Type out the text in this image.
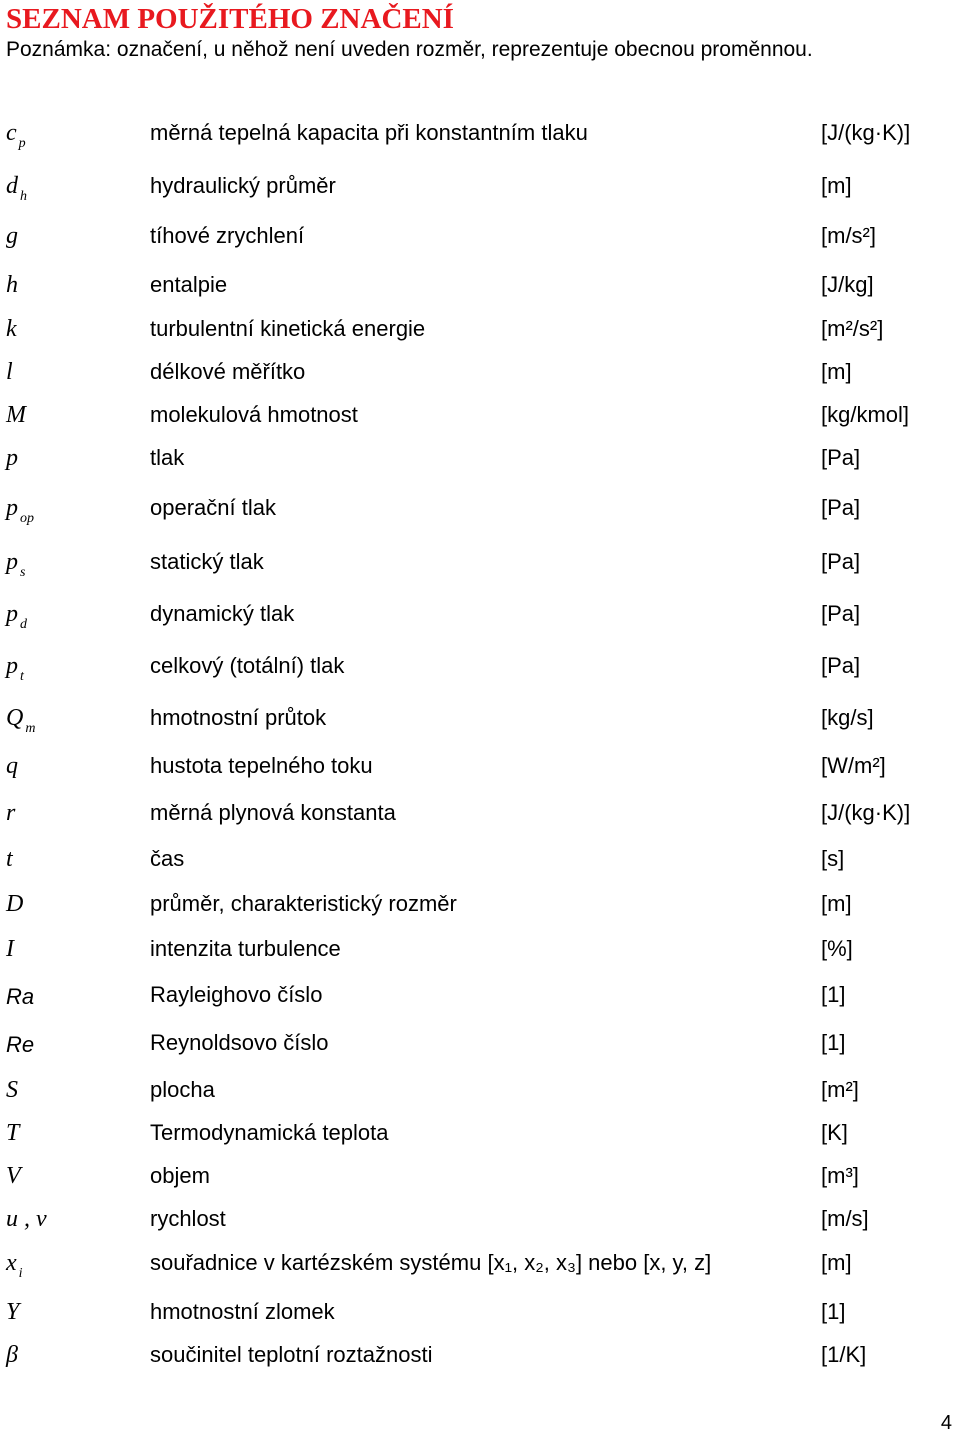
SEZNAM POUŽITÉHO ZNAČENÍ
Poznámka: označení, u něhož není uveden rozměr, reprezentuje obecnou proměnnou.
c $_p$	měrná tepelná kapacita při konstantním tlaku	[J/(kg·K)]
d $_h$	hydraulický průměr	[m]
g	tíhové zrychlení	[m/s²]
h	entalpie	[J/kg]
k	turbulentní kinetická energie	[m²/s²]
l	délkové měřítko	[m]
M	molekulová hmotnost	[kg/kmol]
p	tlak	[Pa]
p $_{op}$	operační tlak	[Pa]
p $_s$	statický tlak	[Pa]
p $_d$	dynamický tlak	[Pa]
p $_t$	celkový (totální) tlak	[Pa]
Q $_m$	hmotnostní průtok	[kg/s]
q	hustota tepelného toku	[W/m²]
r	měrná plynová konstanta	[J/(kg·K)]
t	čas	[s]
D	průměr, charakteristický rozměr	[m]
I	intenzita turbulence	[%]
Ra	Rayleighovo číslo	[1]
Re	Reynoldsovo číslo	[1]
S	plocha	[m²]
T	Termodynamická teplota	[K]
V	objem	[m³]
u , v	rychlost	[m/s]
x $_i$	souřadnice v kartézském systému [x₁, x₂, x₃] nebo [x, y, z]	[m]
Y	hmotnostní zlomek	[1]
β	součinitel teplotní roztažnosti	[1/K]
4
